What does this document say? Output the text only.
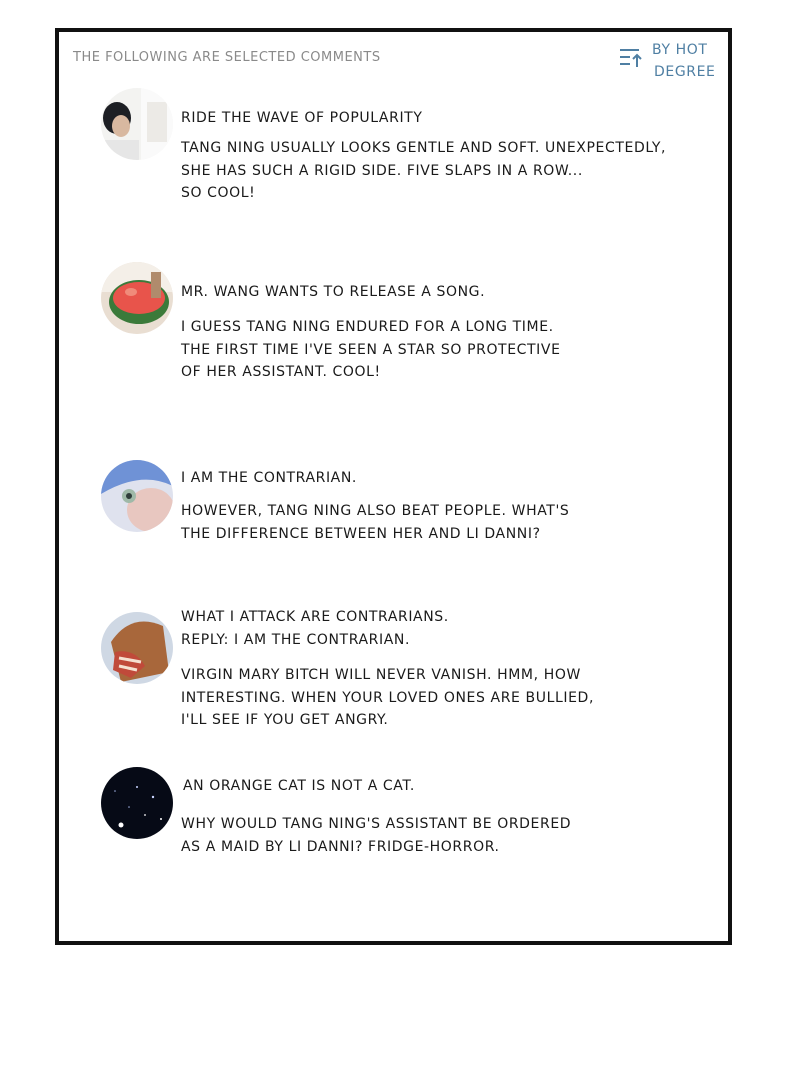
THE FOLLOWING ARE SELECTED COMMENTS	BY HOT
DEGREE
RIDE THE WAVE OF POPULARITY
TANG NING USUALLY LOOKS GENTLE AND SOFT. UNEXPECTEDLY,
SHE HAS SUCH A RIGID SIDE. FIVE SLAPS IN A ROW...
SO COOL!
MR. WANG WANTS TO RELEASE A SONG.
I GUESS TANG NING ENDURED FOR A LONG TIME.
THE FIRST TIME I'VE SEEN A STAR SO PROTECTIVE
OF HER ASSISTANT. COOL!
I AM THE CONTRARIAN.
HOWEVER, TANG NING ALSO BEAT PEOPLE. WHAT'S
THE DIFFERENCE BETWEEN HER AND LI DANNI?
WHAT I ATTACK ARE CONTRARIANS.
REPLY: I AM THE CONTRARIAN.
VIRGIN MARY BITCH WILL NEVER VANISH. HMM, HOW
INTERESTING. WHEN YOUR LOVED ONES ARE BULLIED,
I'LL SEE IF YOU GET ANGRY.
AN ORANGE CAT IS NOT A CAT.
WHY WOULD TANG NING'S ASSISTANT BE ORDERED
AS A MAID BY LI DANNI? FRIDGE-HORROR.
